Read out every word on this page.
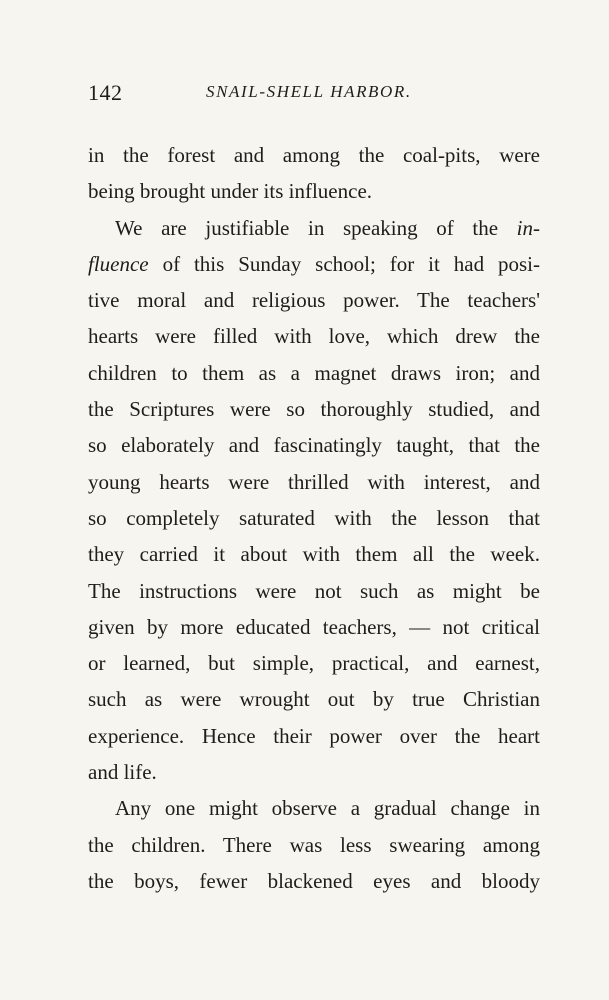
142	SNAIL-SHELL HARBOR.
in the forest and among the coal-pits, were
being brought under its influence.
We are justifiable in speaking of the in-
fluence of this Sunday school; for it had posi-
tive moral and religious power. The teachers'
hearts were filled with love, which drew the
children to them as a magnet draws iron; and
the Scriptures were so thoroughly studied, and
so elaborately and fascinatingly taught, that the
young hearts were thrilled with interest, and
so completely saturated with the lesson that
they carried it about with them all the week.
The instructions were not such as might be
given by more educated teachers, — not critical
or learned, but simple, practical, and earnest,
such as were wrought out by true Christian
experience. Hence their power over the heart
and life.
Any one might observe a gradual change in
the children. There was less swearing among
the boys, fewer blackened eyes and bloody
